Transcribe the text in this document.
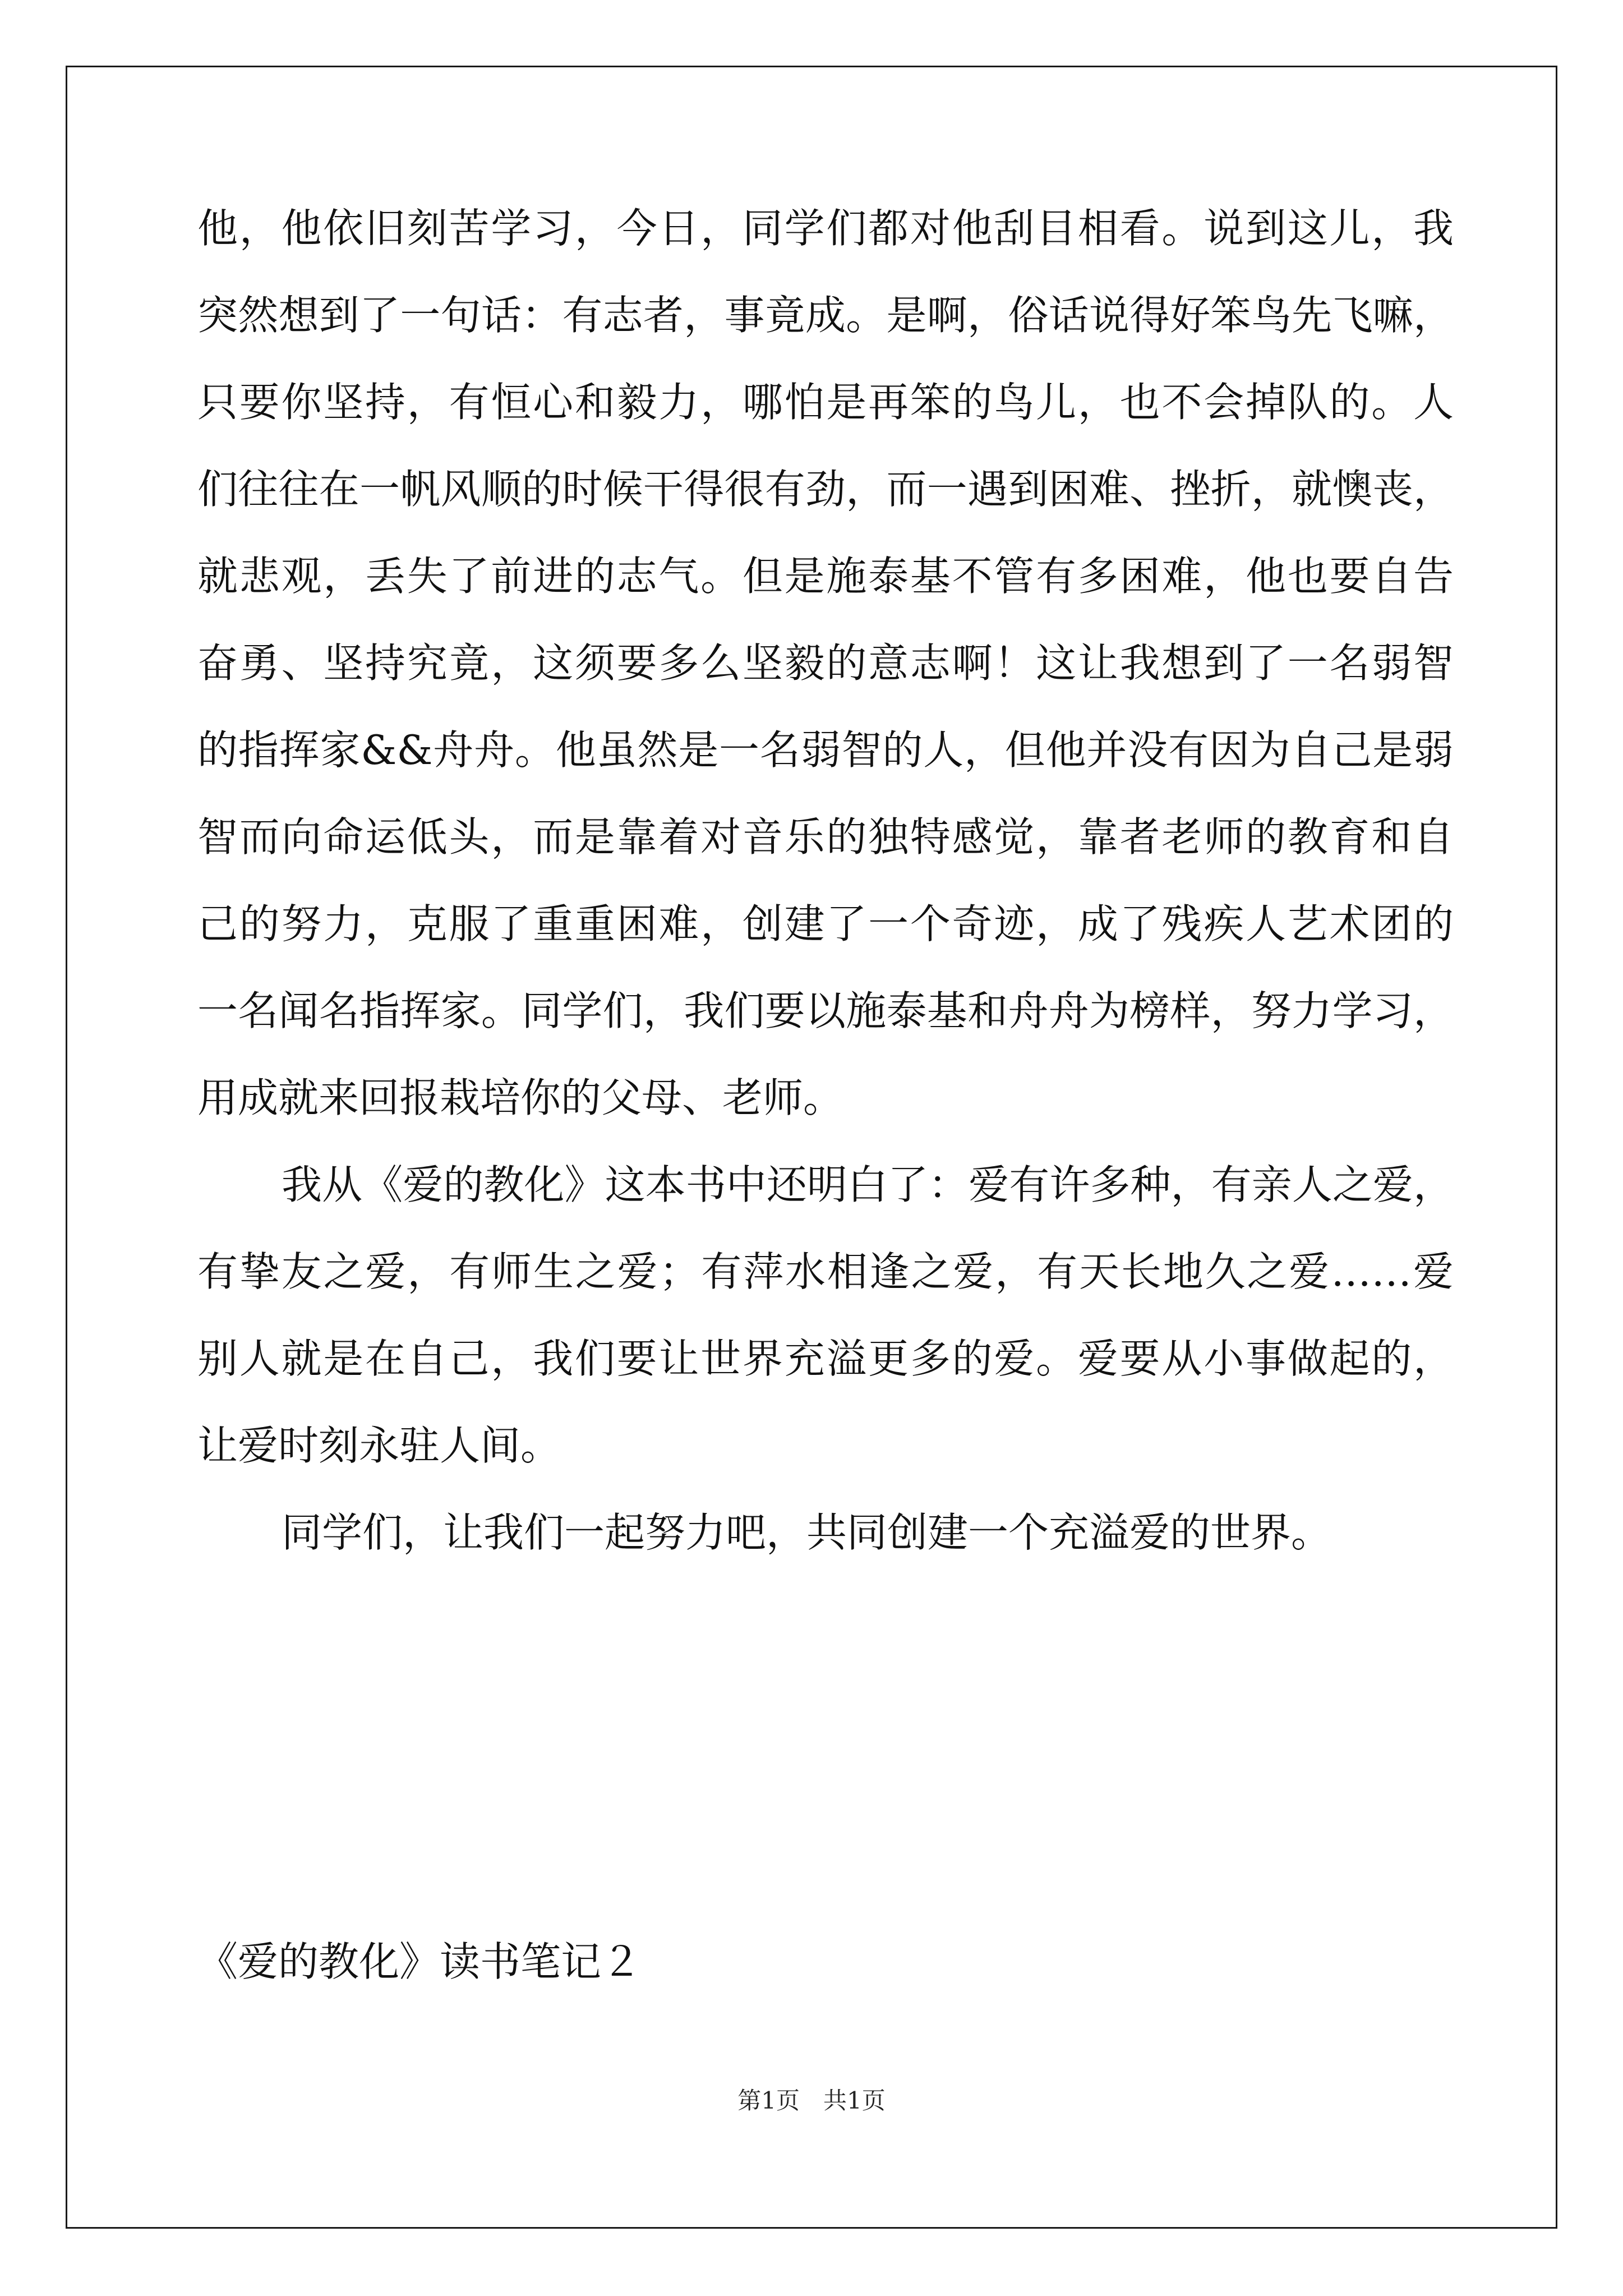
他，他依旧刻苦学习，今日，同学们都对他刮目相看。说到这儿，我
突然想到了一句话：有志者，事竟成。是啊，俗话说得好笨鸟先飞嘛，
只要你坚持，有恒心和毅力，哪怕是再笨的鸟儿，也不会掉队的。人
们往往在一帆风顺的时候干得很有劲，而一遇到困难、挫折，就懊丧，
就悲观，丢失了前进的志气。但是施泰基不管有多困难，他也要自告
奋勇、坚持究竟，这须要多么坚毅的意志啊！这让我想到了一名弱智
的指挥家&&舟舟。他虽然是一名弱智的人，但他并没有因为自己是弱
智而向命运低头，而是靠着对音乐的独特感觉，靠者老师的教育和自
己的努力，克服了重重困难，创建了一个奇迹，成了残疾人艺术团的
一名闻名指挥家。同学们，我们要以施泰基和舟舟为榜样，努力学习，
用成就来回报栽培你的父母、老师。
我从《爱的教化》这本书中还明白了：爱有许多种，有亲人之爱，
有挚友之爱，有师生之爱；有萍水相逢之爱，有天长地久之爱……爱
别人就是在自己，我们要让世界充溢更多的爱。爱要从小事做起的，
让爱时刻永驻人间。
同学们，让我们一起努力吧，共同创建一个充溢爱的世界。
《爱的教化》读书笔记２
第1页　共1页
